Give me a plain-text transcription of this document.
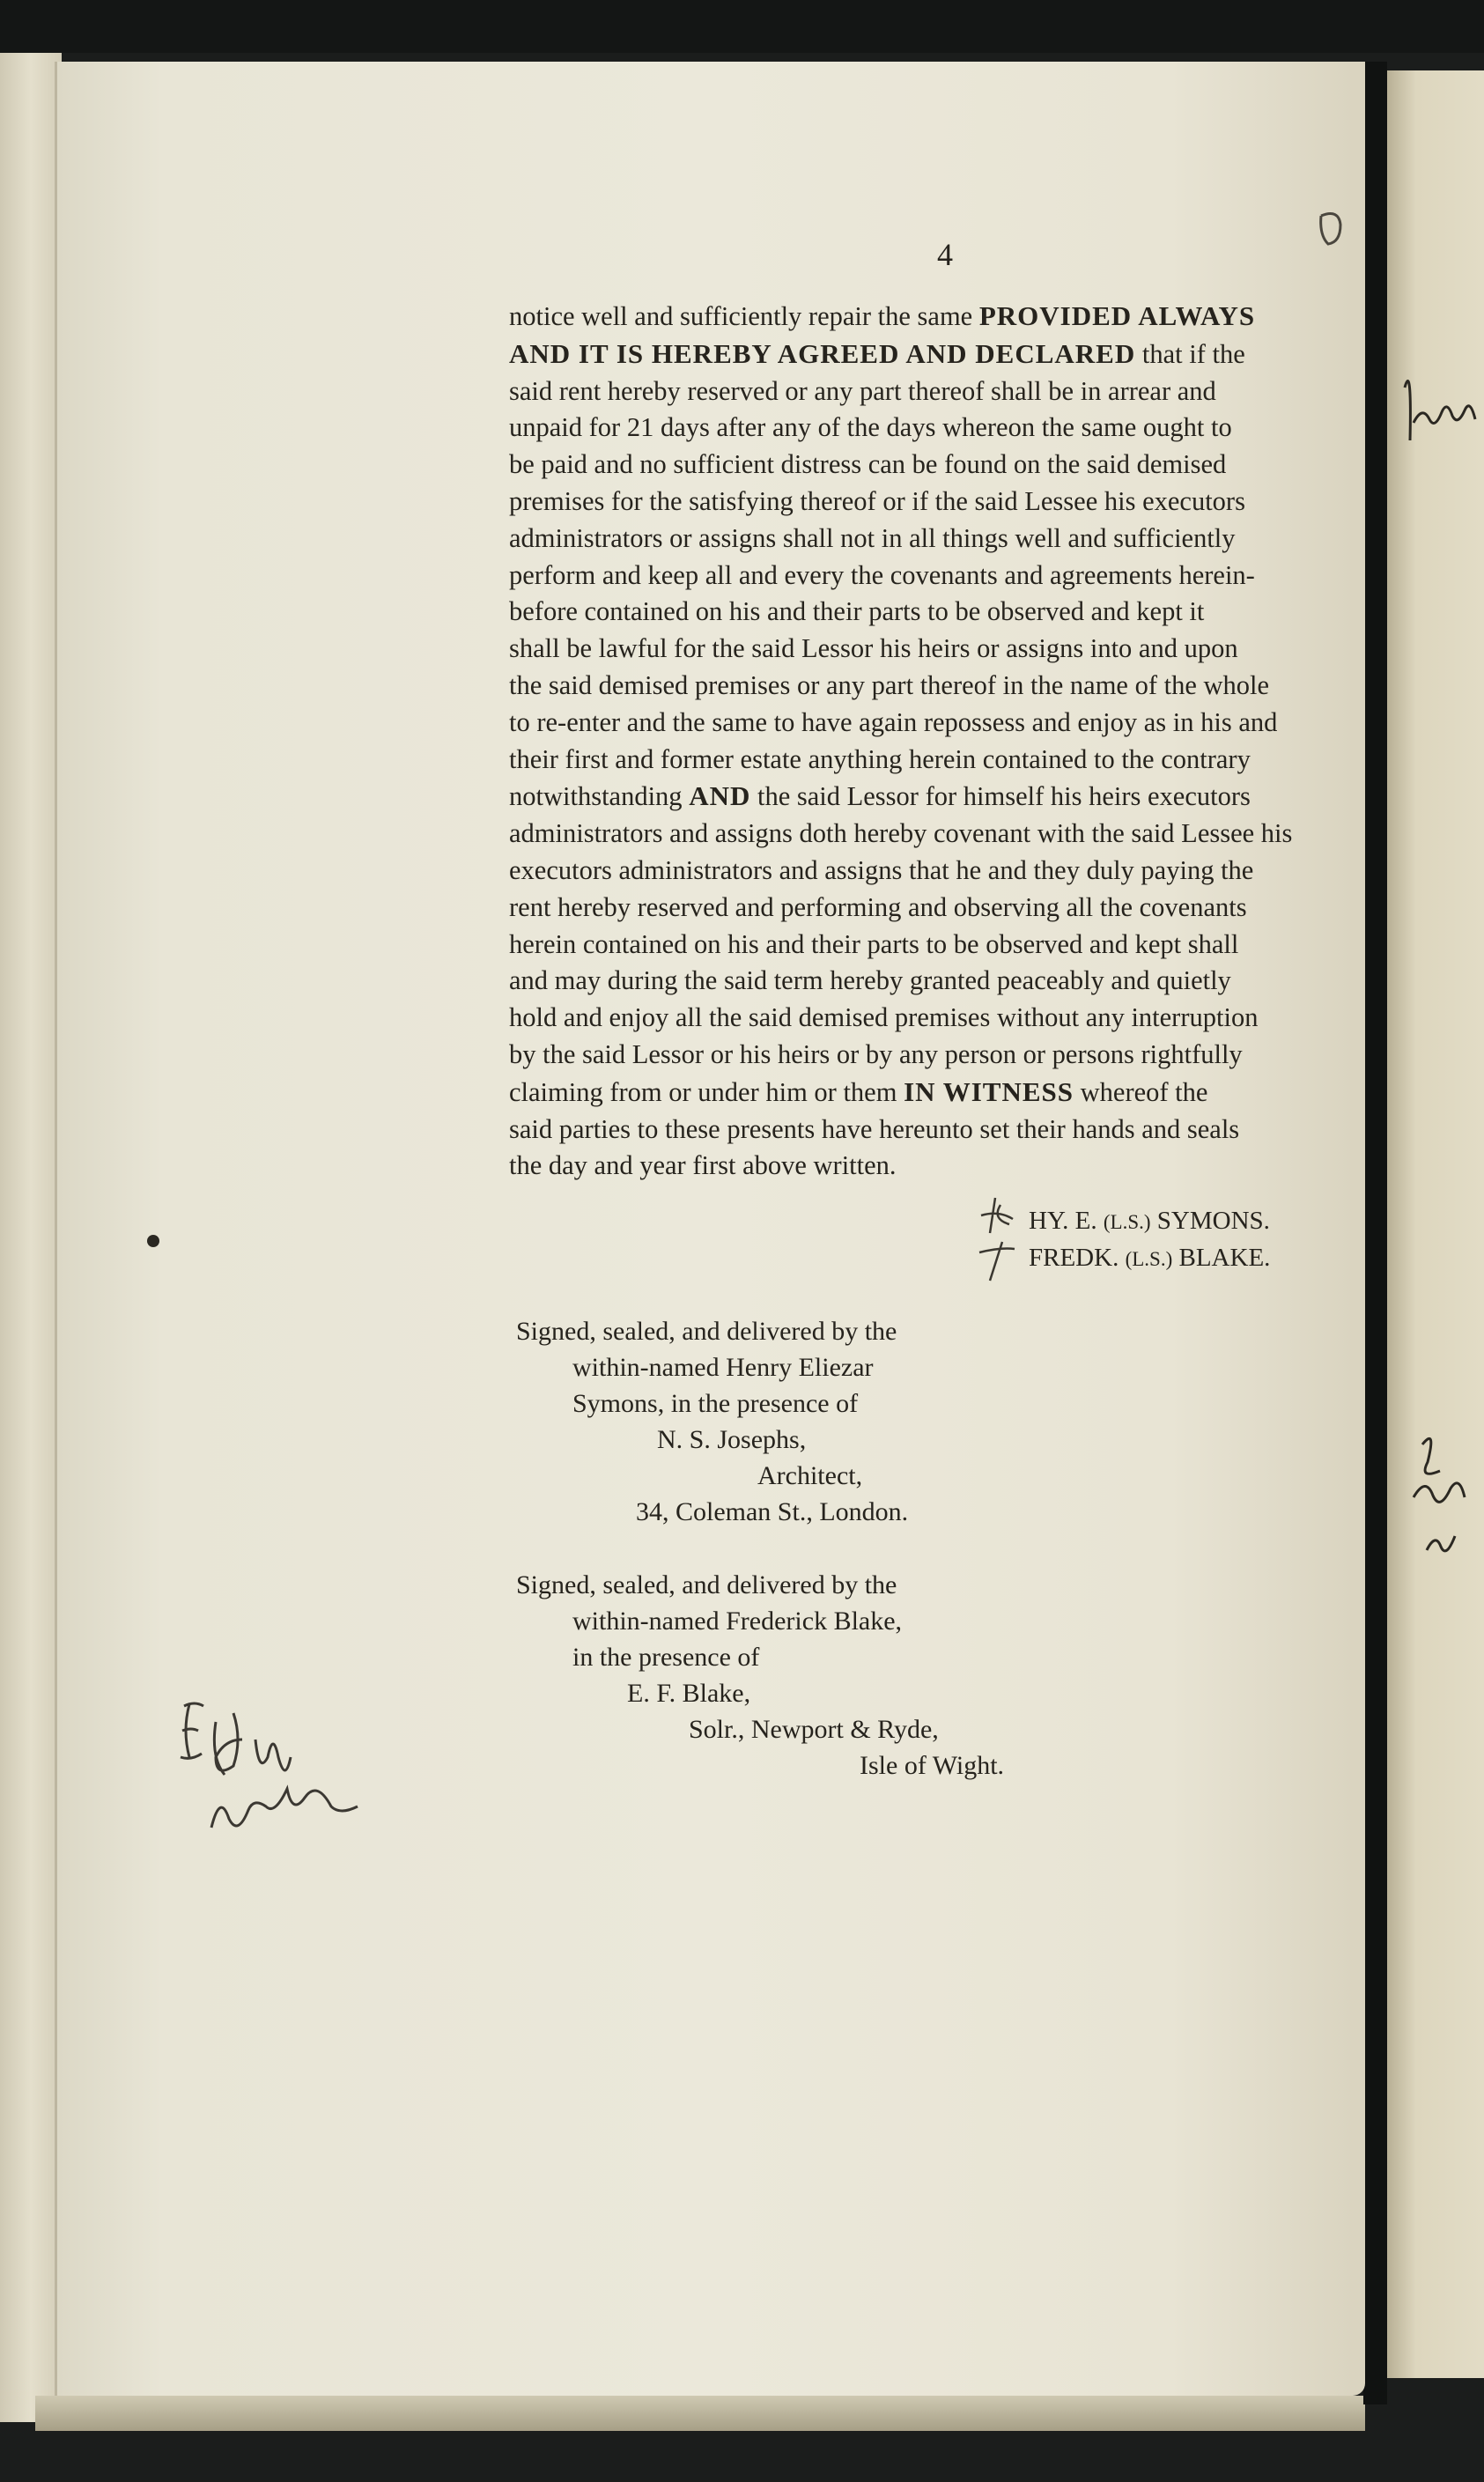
4
notice well and sufficiently repair the same PROVIDED ALWAYS
AND IT IS HEREBY AGREED AND DECLARED that if the
said rent hereby reserved or any part thereof shall be in arrear and
unpaid for 21 days after any of the days whereon the same ought to
be paid and no sufficient distress can be found on the said demised
premises for the satisfying thereof or if the said Lessee his executors
administrators or assigns shall not in all things well and sufficiently
perform and keep all and every the covenants and agreements herein-
before contained on his and their parts to be observed and kept it
shall be lawful for the said Lessor his heirs or assigns into and upon
the said demised premises or any part thereof in the name of the whole
to re-enter and the same to have again repossess and enjoy as in his and
their first and former estate anything herein contained to the contrary
notwithstanding AND the said Lessor for himself his heirs executors
administrators and assigns doth hereby covenant with the said Lessee his
executors administrators and assigns that he and they duly paying the
rent hereby reserved and performing and observing all the covenants
herein contained on his and their parts to be observed and kept shall
and may during the said term hereby granted peaceably and quietly
hold and enjoy all the said demised premises without any interruption
by the said Lessor or his heirs or by any person or persons rightfully
claiming from or under him or them IN WITNESS whereof the
said parties to these presents have hereunto set their hands and seals
the day and year first above written.
HY. E. (L.S.) SYMONS.
FREDK. (L.S.) BLAKE.
Signed, sealed, and delivered by the
within-named Henry Eliezar
Symons, in the presence of
N. S. Josephs,
Architect,
34, Coleman St., London.
Signed, sealed, and delivered by the
within-named Frederick Blake,
in the presence of
E. F. Blake,
Solr., Newport & Ryde,
Isle of Wight.
